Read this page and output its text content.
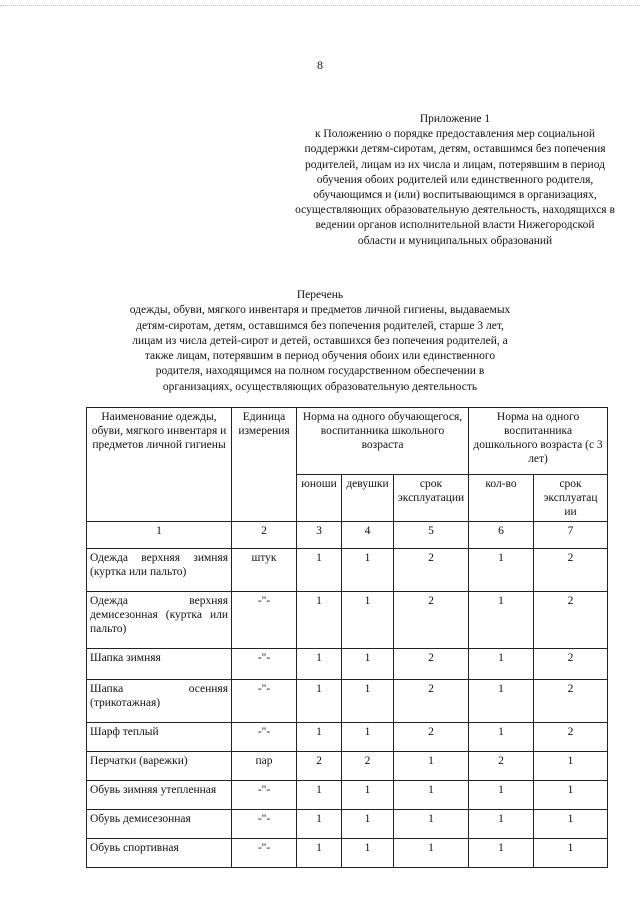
8
Приложение 1
к Положению о порядке предоставления мер социальной поддержки детям-сиротам, детям, оставшимся без попечения родителей, лицам из их числа и лицам, потерявшим в период обучения обоих родителей или единственного родителя, обучающимся и (или) воспитывающимся в организациях, осуществляющих образовательную деятельность, находящихся в ведении органов исполнительной власти Нижегородской области и муниципальных образований
Перечень
одежды, обуви, мягкого инвентаря и предметов личной гигиены, выдаваемых детям-сиротам, детям, оставшимся без попечения родителей, старше 3 лет, лицам из числа детей-сирот и детей, оставшихся без попечения родителей, а также лицам, потерявшим в период обучения обоих или единственного родителя, находящимся на полном государственном обеспечении в организациях, осуществляющих образовательную деятельность
Наименование одежды, обуви, мягкого инвентаря и предметов личной гигиены	Единица измерения	Норма на одного обучающегося, воспитанника школьного возраста			Норма на одного воспитанника дошкольного возраста (с 3 лет)	
		юноши	девушки	срок эксплуатации	кол-во	срок эксплуатац ии
1	2	3	4	5	6	7
Одежда верхняя зимняя (куртка или пальто)	штук	1	1	2	1	2
Одежда верхняя демисезонная (куртка или пальто)	-"-	1	1	2	1	2
Шапка зимняя	-"-	1	1	2	1	2
Шапка осенняя (трикотажная)	-"-	1	1	2	1	2
Шарф теплый	-"-	1	1	2	1	2
Перчатки (варежки)	пар	2	2	1	2	1
Обувь зимняя утепленная	-"-	1	1	1	1	1
Обувь демисезонная	-"-	1	1	1	1	1
Обувь спортивная	-"-	1	1	1	1	1
